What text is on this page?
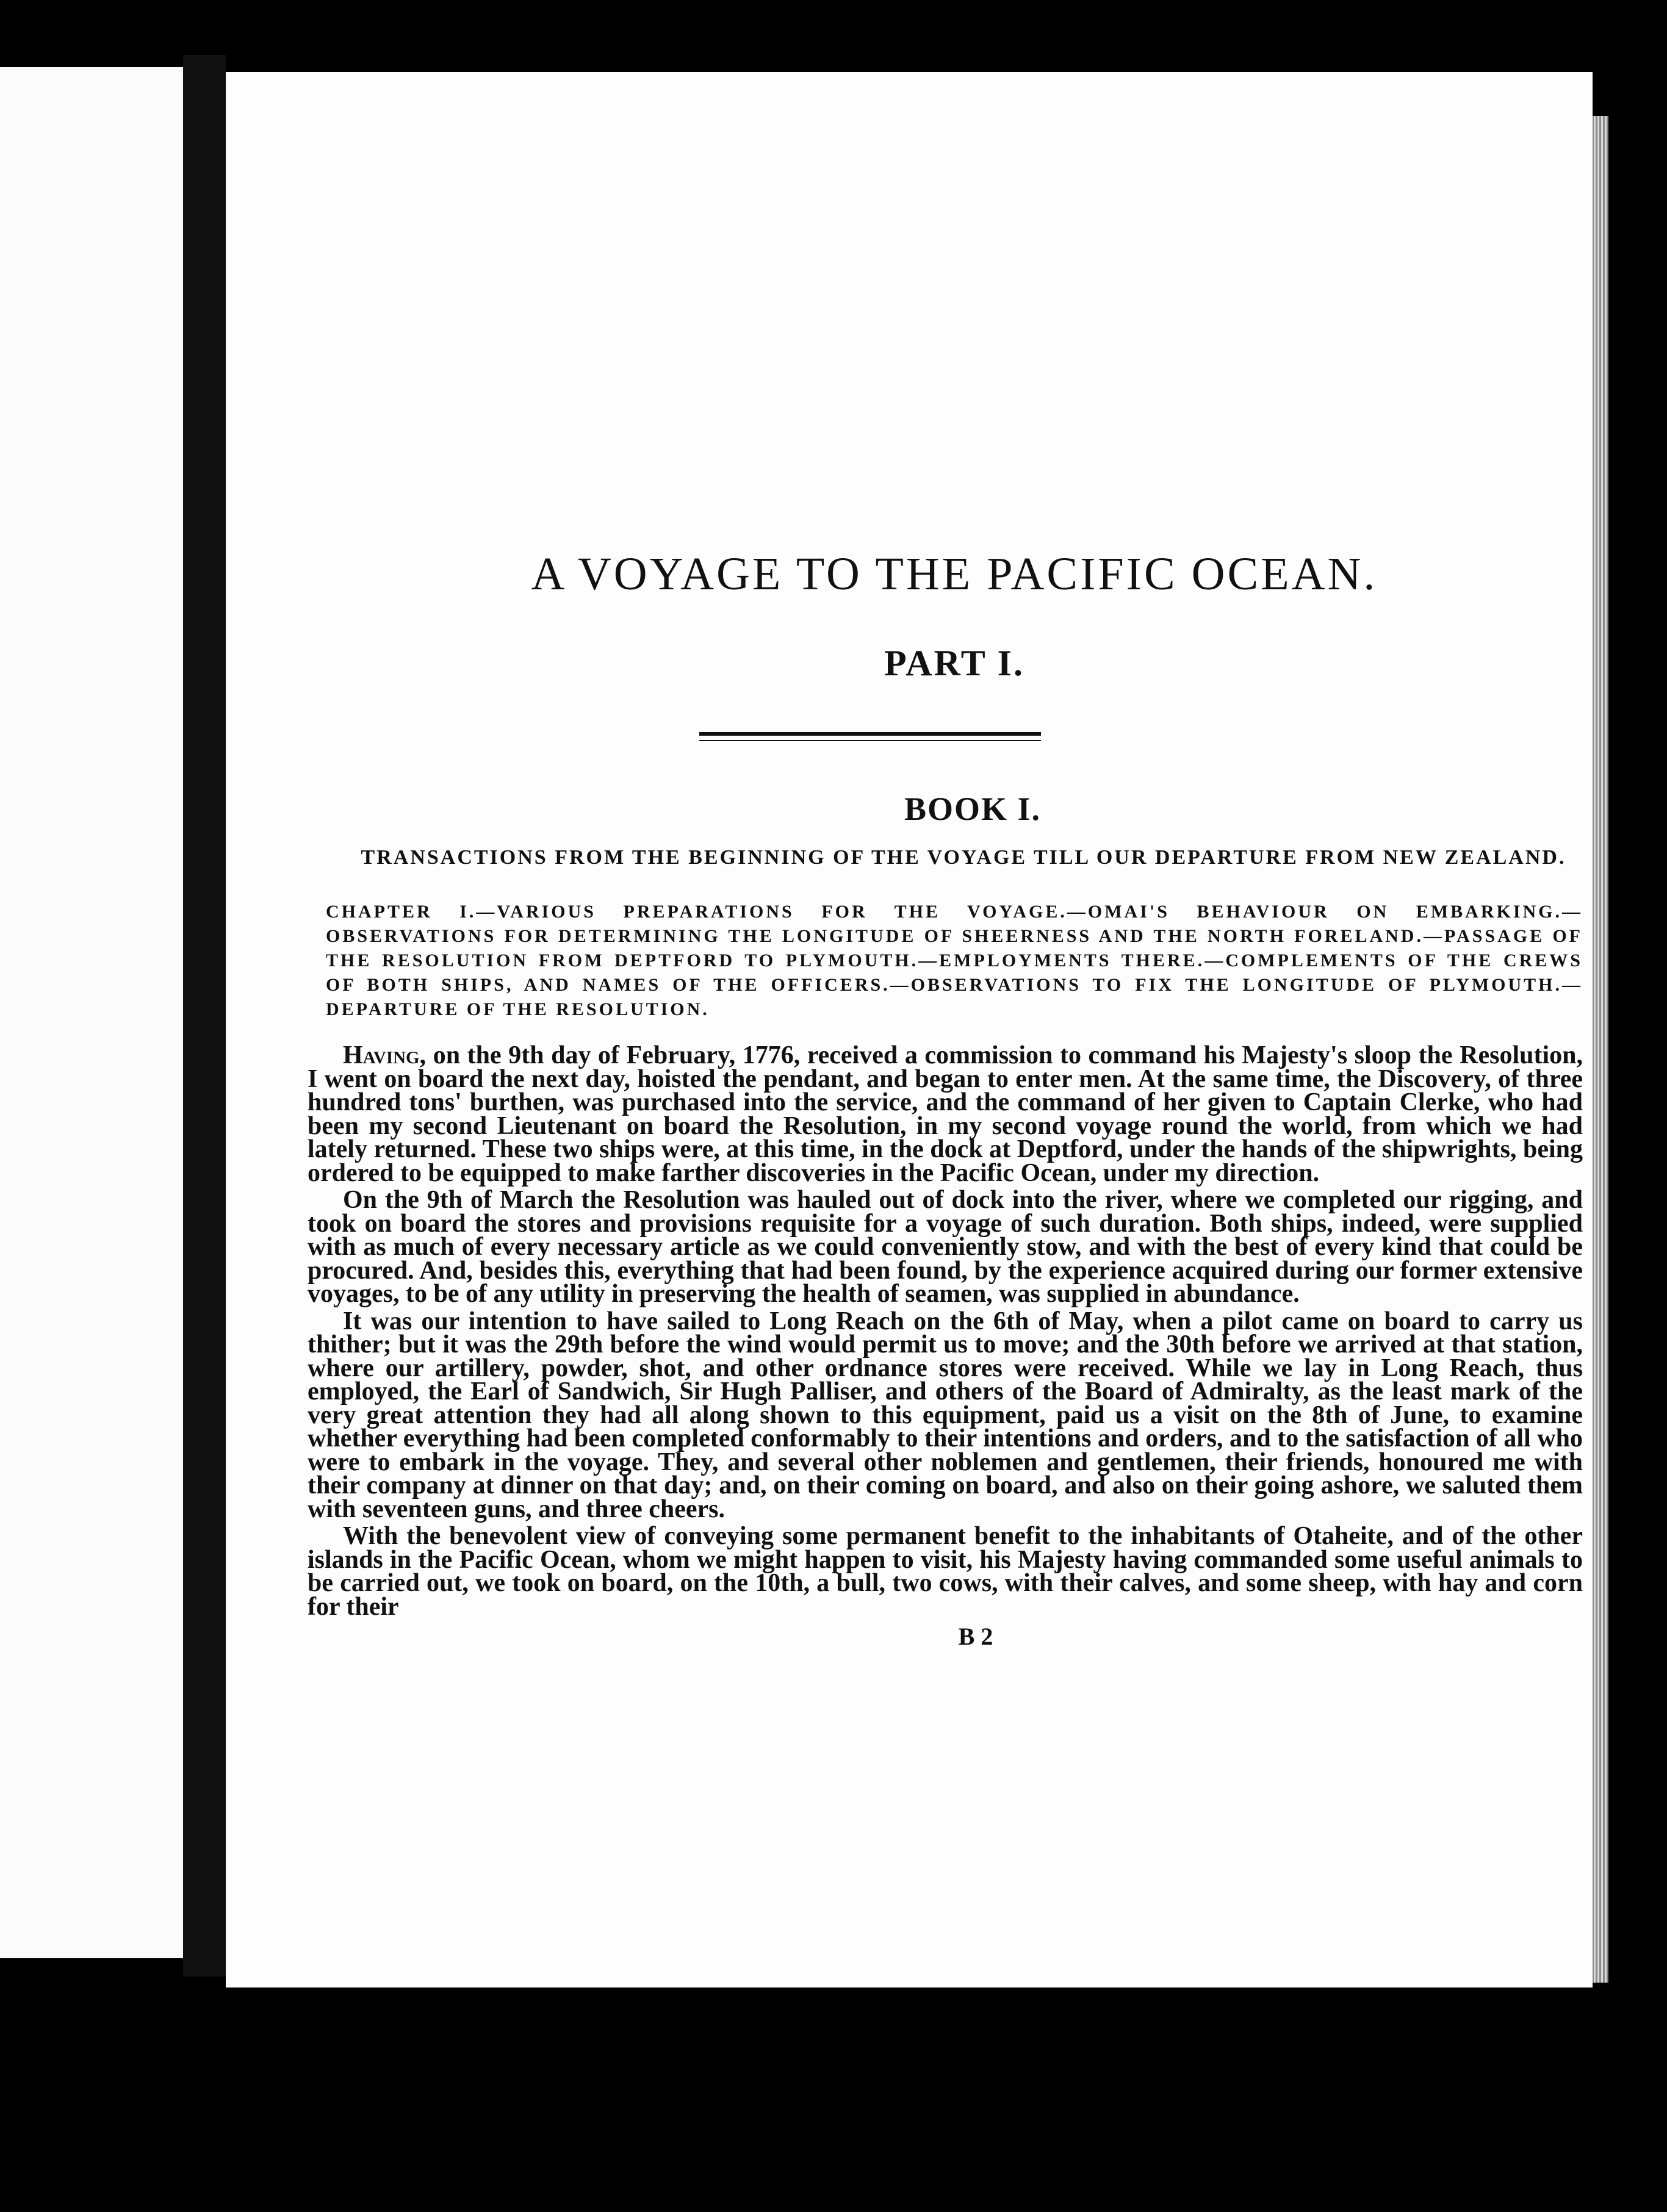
A VOYAGE TO THE PACIFIC OCEAN.
PART I.
BOOK I.
TRANSACTIONS FROM THE BEGINNING OF THE VOYAGE TILL OUR DEPARTURE FROM NEW ZEALAND.
CHAPTER I.—VARIOUS PREPARATIONS FOR THE VOYAGE.—OMAI'S BEHAVIOUR ON EMBARKING.—OBSERVATIONS FOR DETERMINING THE LONGITUDE OF SHEERNESS AND THE NORTH FORELAND.—PASSAGE OF THE RESOLUTION FROM DEPTFORD TO PLYMOUTH.—EMPLOYMENTS THERE.—COMPLEMENTS OF THE CREWS OF BOTH SHIPS, AND NAMES OF THE OFFICERS.—OBSERVATIONS TO FIX THE LONGITUDE OF PLYMOUTH.—DEPARTURE OF THE RESOLUTION.

Having, on the 9th day of February, 1776, received a commission to command his Majesty's sloop the Resolution, I went on board the next day, hoisted the pendant, and began to enter men. At the same time, the Discovery, of three hundred tons' burthen, was purchased into the service, and the command of her given to Captain Clerke, who had been my second Lieutenant on board the Resolution, in my second voyage round the world, from which we had lately returned. These two ships were, at this time, in the dock at Deptford, under the hands of the shipwrights, being ordered to be equipped to make farther discoveries in the Pacific Ocean, under my direction.

On the 9th of March the Resolution was hauled out of dock into the river, where we completed our rigging, and took on board the stores and provisions requisite for a voyage of such duration. Both ships, indeed, were supplied with as much of every necessary article as we could conveniently stow, and with the best of every kind that could be procured. And, besides this, everything that had been found, by the experience acquired during our former extensive voyages, to be of any utility in preserving the health of seamen, was supplied in abundance.

It was our intention to have sailed to Long Reach on the 6th of May, when a pilot came on board to carry us thither; but it was the 29th before the wind would permit us to move; and the 30th before we arrived at that station, where our artillery, powder, shot, and other ordnance stores were received. While we lay in Long Reach, thus employed, the Earl of Sandwich, Sir Hugh Palliser, and others of the Board of Admiralty, as the least mark of the very great attention they had all along shown to this equipment, paid us a visit on the 8th of June, to examine whether everything had been completed conformably to their intentions and orders, and to the satisfaction of all who were to embark in the voyage. They, and several other noblemen and gentlemen, their friends, honoured me with their company at dinner on that day; and, on their coming on board, and also on their going ashore, we saluted them with seventeen guns, and three cheers.

With the benevolent view of conveying some permanent benefit to the inhabitants of Otaheite, and of the other islands in the Pacific Ocean, whom we might happen to visit, his Majesty having commanded some useful animals to be carried out, we took on board, on the 10th, a bull, two cows, with their calves, and some sheep, with hay and corn for their

B 2
